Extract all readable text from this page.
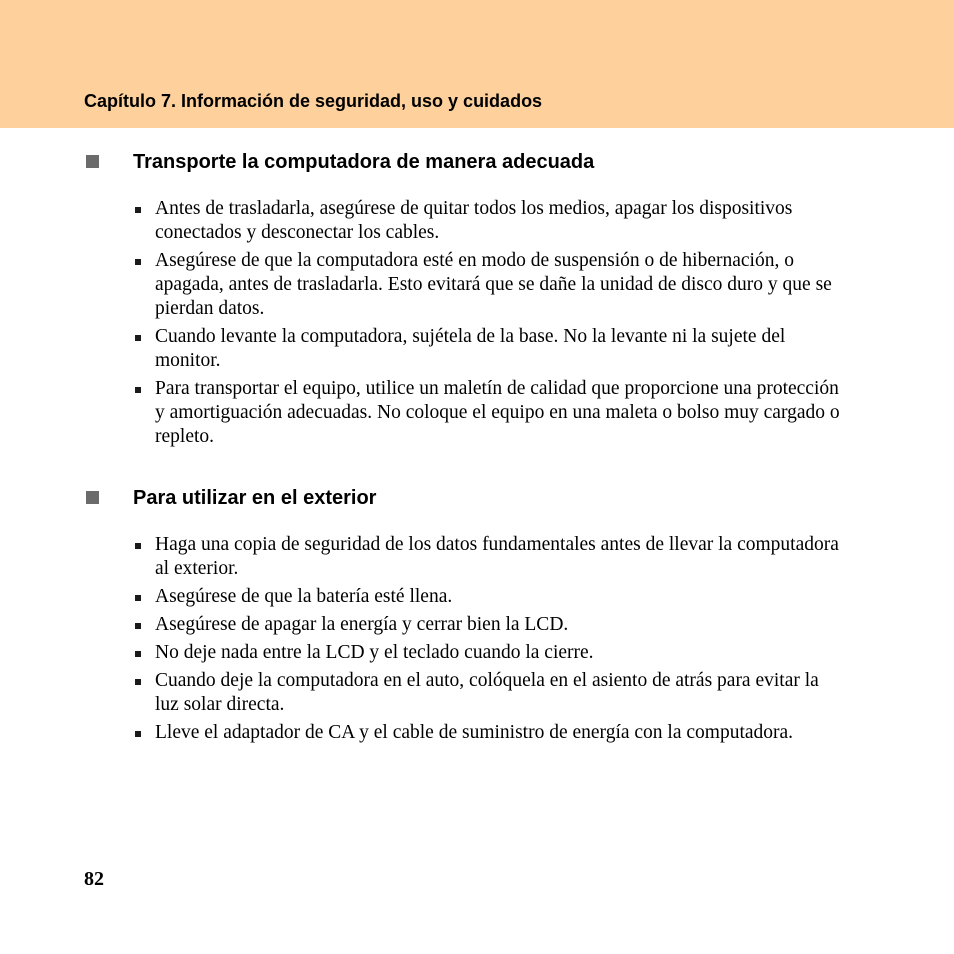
Capítulo 7. Información de seguridad, uso y cuidados
Transporte la computadora de manera adecuada
Antes de trasladarla, asegúrese de quitar todos los medios, apagar los dispositivos conectados y desconectar los cables.
Asegúrese de que la computadora esté en modo de suspensión o de hibernación, o apagada, antes de trasladarla. Esto evitará que se dañe la unidad de disco duro y que se pierdan datos.
Cuando levante la computadora, sujételа de la base. No la levante ni la sujete del monitor.
Para transportar el equipo, utilice un maletín de calidad que proporcione una protección y amortiguación adecuadas. No coloque el equipo en una maleta o bolso muy cargado o repleto.
Para utilizar en el exterior
Haga una copia de seguridad de los datos fundamentales antes de llevar la computadora al exterior.
Asegúrese de que la batería esté llena.
Asegúrese de apagar la energía y cerrar bien la LCD.
No deje nada entre la LCD y el teclado cuando la cierre.
Cuando deje la computadora en el auto, colóquela en el asiento de atrás para evitar la luz solar directa.
Lleve el adaptador de CA y el cable de suministro de energía con la computadora.
82
